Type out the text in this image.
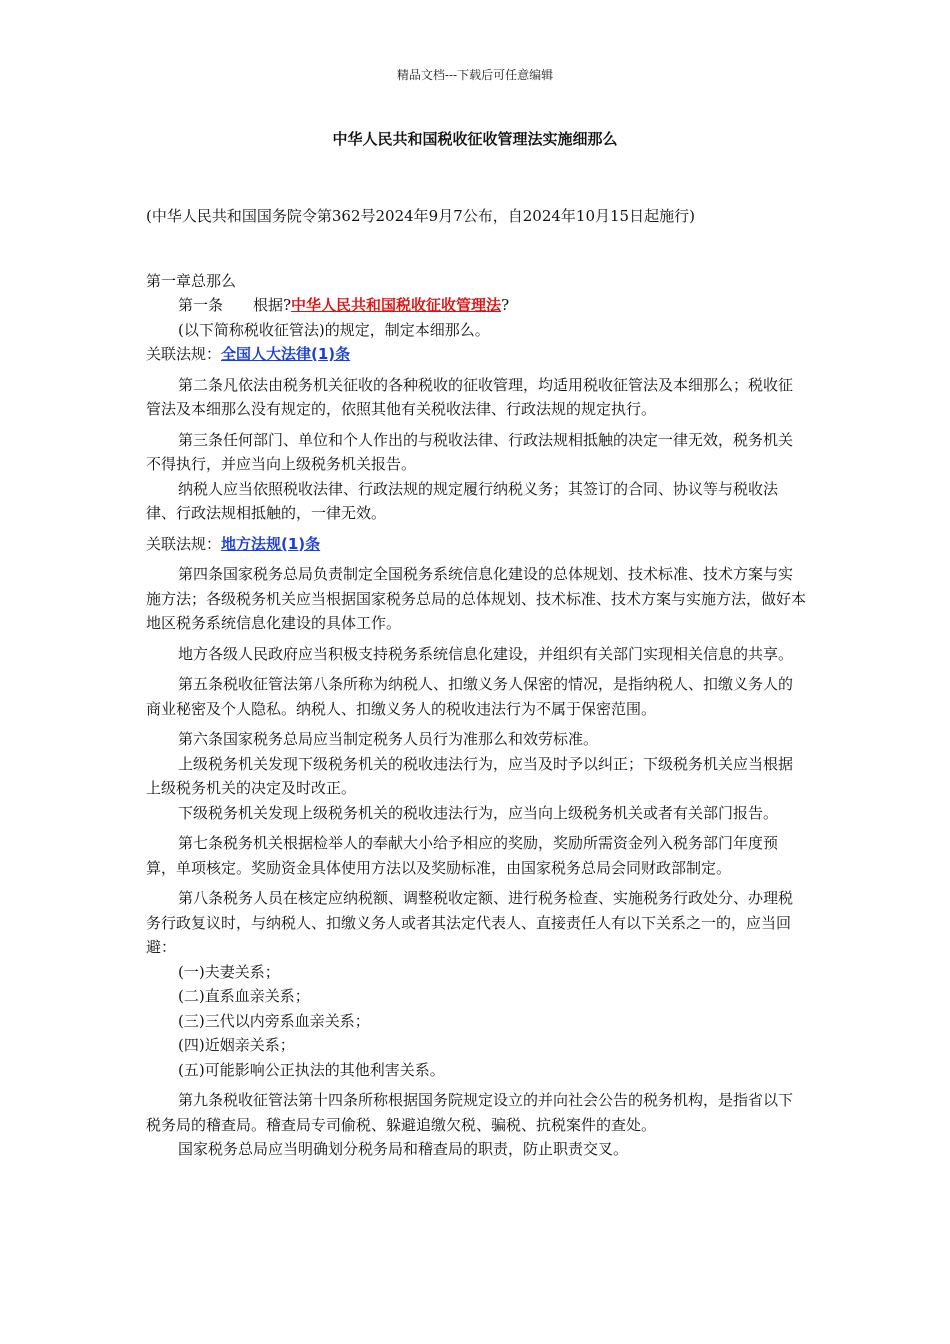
精品文档---下载后可任意编辑
中华人民共和国税收征收管理法实施细那么

(中华人民共和国国务院令第362号2024年9月7公布，自2024年10月15日起施行)

第一章总那么

第一条　　根据?中华人民共和国税收征收管理法?

(以下简称税收征管法)的规定，制定本细那么。

关联法规：全国人大法律(1)条

第二条凡依法由税务机关征收的各种税收的征收管理，均适用税收征管法及本细那么；税收征管法及本细那么没有规定的，依照其他有关税收法律、行政法规的规定执行。

第三条任何部门、单位和个人作出的与税收法律、行政法规相抵触的决定一律无效，税务机关不得执行，并应当向上级税务机关报告。

纳税人应当依照税收法律、行政法规的规定履行纳税义务；其签订的合同、协议等与税收法律、行政法规相抵触的，一律无效。

关联法规：地方法规(1)条

第四条国家税务总局负责制定全国税务系统信息化建设的总体规划、技术标准、技术方案与实施方法；各级税务机关应当根据国家税务总局的总体规划、技术标准、技术方案与实施方法，做好本地区税务系统信息化建设的具体工作。

地方各级人民政府应当积极支持税务系统信息化建设，并组织有关部门实现相关信息的共享。

第五条税收征管法第八条所称为纳税人、扣缴义务人保密的情况，是指纳税人、扣缴义务人的商业秘密及个人隐私。纳税人、扣缴义务人的税收违法行为不属于保密范围。

第六条国家税务总局应当制定税务人员行为准那么和效劳标准。

上级税务机关发现下级税务机关的税收违法行为，应当及时予以纠正；下级税务机关应当根据上级税务机关的决定及时改正。

下级税务机关发现上级税务机关的税收违法行为，应当向上级税务机关或者有关部门报告。

第七条税务机关根据检举人的奉献大小给予相应的奖励，奖励所需资金列入税务部门年度预算，单项核定。奖励资金具体使用方法以及奖励标准，由国家税务总局会同财政部制定。

第八条税务人员在核定应纳税额、调整税收定额、进行税务检查、实施税务行政处分、办理税务行政复议时，与纳税人、扣缴义务人或者其法定代表人、直接责任人有以下关系之一的，应当回避：

(一)夫妻关系；

(二)直系血亲关系；

(三)三代以内旁系血亲关系；

(四)近姻亲关系；

(五)可能影响公正执法的其他利害关系。

第九条税收征管法第十四条所称根据国务院规定设立的并向社会公告的税务机构，是指省以下税务局的稽查局。稽查局专司偷税、躲避追缴欠税、骗税、抗税案件的查处。

国家税务总局应当明确划分税务局和稽查局的职责，防止职责交叉。
